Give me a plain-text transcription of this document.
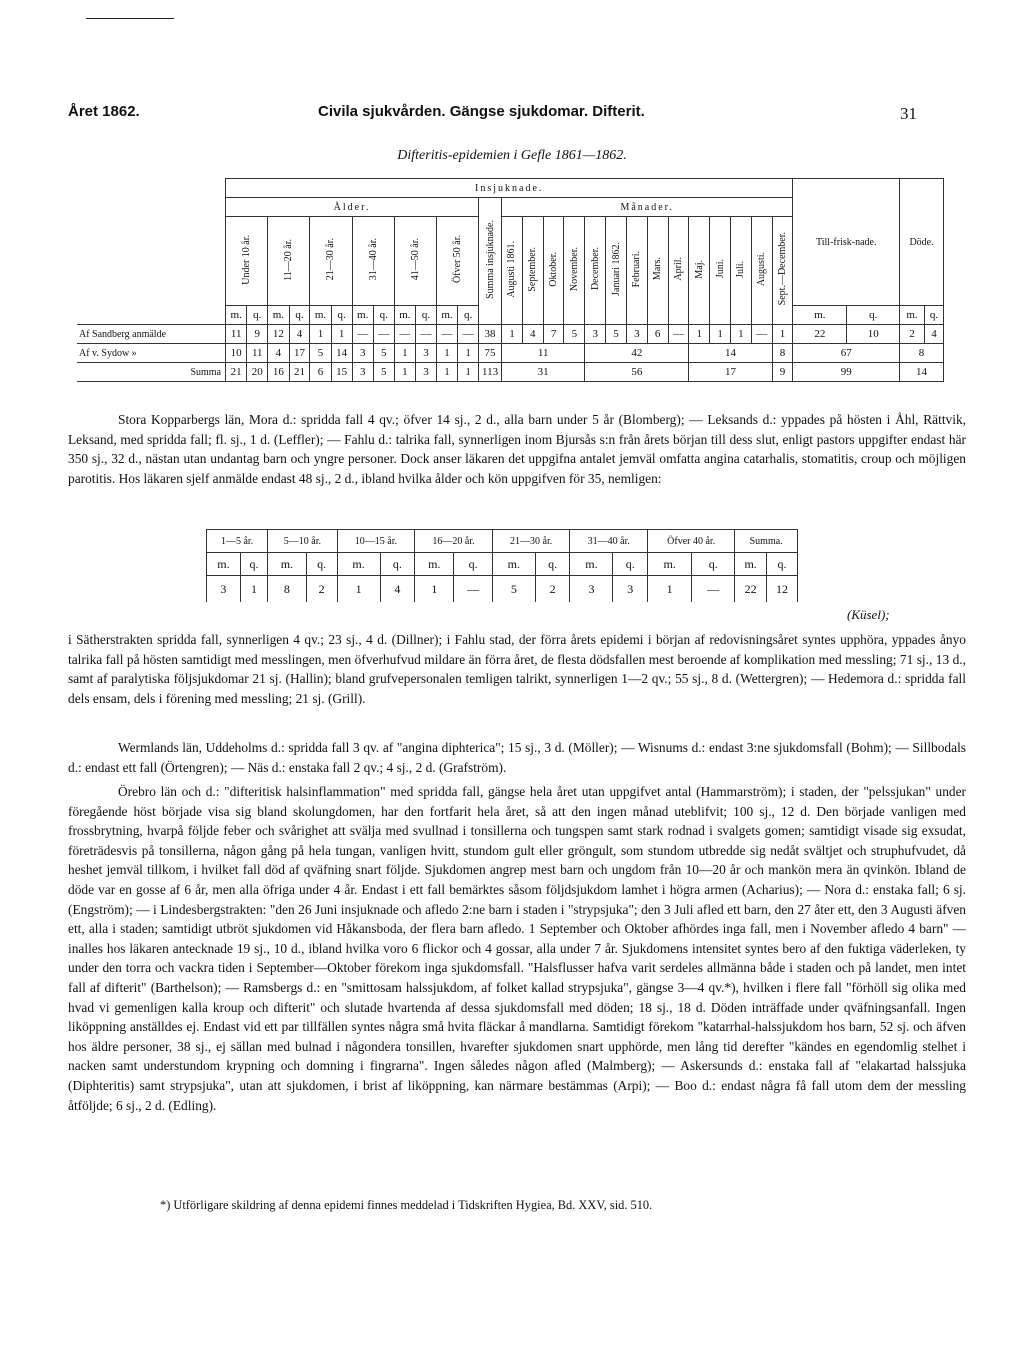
Året 1862.	Civila sjukvården. Gängse sjukdomar. Difterit.	31
Difteritis-epidemien i Gefle 1861—1862.
	Insjuknade.																											Till-frisk-nade.		Döde.	
	Ålder.												Summa insjuknade.	Månader.																	
	Under 10 år.		11—20 år.		21—30 år.		31—40 år.		41—50 år.		Öfver 50 år.			Augusti 1861.	September.	Oktober.	November.	December.	Januari 1862.	Februari.	Mars.	April.	Maj.	Juni.	Juli.	Augusti.	Sept.—December.				
	m.	q.	m.	q.	m.	q.	m.	q.	m.	q.	m.	q.																m.	q.	m.	q.
Af Sandberg anmälde	11	9	12	4	1	1	—	—	—	—	—	—	38	1	4	7	5	3	5	3	6	—	1	1	1	—	1	22	10	2	4
Af v. Sydow »	10	11	4	17	5	14	3	5	1	3	1	1	75	11				42					14				8	67		8	
Summa	21	20	16	21	6	15	3	5	1	3	1	1	113	31				56					17				9	99		14	

Stora Kopparbergs län, Mora d.: spridda fall 4 qv.; öfver 14 sj., 2 d., alla barn under 5 år (Blomberg); — Leksands d.: yppades på hösten i Åhl, Rättvik, Leksand, med spridda fall; fl. sj., 1 d. (Leffler); — Fahlu d.: talrika fall, synnerligen inom Bjursås s:n från årets början till dess slut, enligt pastors uppgifter endast här 350 sj., 32 d., nästan utan undantag barn och yngre personer. Dock anser läkaren det uppgifna antalet jemväl omfatta angina catarhalis, stomatitis, croup och möjligen parotitis. Hos läkaren sjelf anmälde endast 48 sj., 2 d., ibland hvilka ålder och kön uppgifven för 35, nemligen:

1—5 år.		5—10 år.		10—15 år.		16—20 år.		21—30 år.		31—40 år.		Öfver 40 år.		Summa.	
m.	q.	m.	q.	m.	q.	m.	q.	m.	q.	m.	q.	m.	q.	m.	q.
3	1	8	2	1	4	1	—	5	2	3	3	1	—	22	12
(Küsel);

i Sätherstrakten spridda fall, synnerligen 4 qv.; 23 sj., 4 d. (Dillner); i Fahlu stad, der förra årets epidemi i början af redovisningsåret syntes upphöra, yppades ånyo talrika fall på hösten samtidigt med messlingen, men öfverhufvud mildare än förra året, de flesta dödsfallen mest beroende af komplikation med messling; 71 sj., 13 d., samt af paralytiska följsjukdomar 21 sj. (Hallin); bland grufvepersonalen temligen talrikt, synnerligen 1—2 qv.; 55 sj., 8 d. (Wettergren); — Hedemora d.: spridda fall dels ensam, dels i förening med messling; 21 sj. (Grill).

Wermlands län, Uddeholms d.: spridda fall 3 qv. af "angina diphterica"; 15 sj., 3 d. (Möller); — Wisnums d.: endast 3:ne sjukdomsfall (Bohm); — Sillbodals d.: endast ett fall (Örtengren); — Näs d.: enstaka fall 2 qv.; 4 sj., 2 d. (Grafström).

Örebro län och d.: "difteritisk halsinflammation" med spridda fall, gängse hela året utan uppgifvet antal (Hammarström); i staden, der "pelssjukan" under föregående höst började visa sig bland skolungdomen, har den fortfarit hela året, så att den ingen månad uteblifvit; 100 sj., 12 d. Den började vanligen med frossbrytning, hvarpå följde feber och svårighet att svälja med svullnad i tonsillerna och tungspen samt stark rodnad i svalgets gomen; samtidigt visade sig exsudat, företrädesvis på tonsillerna, någon gång på hela tungan, vanligen hvitt, stundom gult eller gröngult, som stundom utbredde sig nedåt svältjet och struphufvudet, då heshet jemväl tillkom, i hvilket fall död af qväfning snart följde. Sjukdomen angrep mest barn och ungdom från 10—20 år och mankön mera än qvinkön. Ibland de döde var en gosse af 6 år, men alla öfriga under 4 år. Endast i ett fall bemärktes såsom följdsjukdom lamhet i högra armen (Acharius); — Nora d.: enstaka fall; 6 sj. (Engström); — i Lindesbergstrakten: "den 26 Juni insjuknade och afledo 2:ne barn i staden i "strypsjuka"; den 3 Juli afled ett barn, den 27 åter ett, den 3 Augusti äfven ett, alla i staden; samtidigt utbröt sjukdomen vid Håkansboda, der flera barn afledo. 1 September och Oktober afhördes inga fall, men i November afledo 4 barn" — inalles hos läkaren antecknade 19 sj., 10 d., ibland hvilka voro 6 flickor och 4 gossar, alla under 7 år. Sjukdomens intensitet syntes bero af den fuktiga väderleken, ty under den torra och vackra tiden i September—Oktober förekom inga sjukdomsfall. "Halsflusser hafva varit serdeles allmänna både i staden och på landet, men intet fall af difterit" (Barthelson); — Ramsbergs d.: en "smittosam halssjukdom, af folket kallad strypsjuka", gängse 3—4 qv.*), hvilken i flere fall "förhöll sig olika med hvad vi gemenligen kalla kroup och difterit" och slutade hvartenda af dessa sjukdomsfall med döden; 18 sj., 18 d. Döden inträffade under qväfningsanfall. Ingen liköppning anställdes ej. Endast vid ett par tillfällen syntes några små hvita fläckar å mandlarna. Samtidigt förekom "katarrhal-halssjukdom hos barn, 52 sj. och äfven hos äldre personer, 38 sj., ej sällan med bulnad i någondera tonsillen, hvarefter sjukdomen snart upphörde, men lång tid derefter "kändes en egendomlig stelhet i nacken samt understundom krypning och domning i fingrarna". Ingen således någon afled (Malmberg); — Askersunds d.: enstaka fall af "elakartad halssjuka (Diphteritis) samt strypsjuka", utan att sjukdomen, i brist af liköppning, kan närmare bestämmas (Arpi); — Boo d.: endast några få fall utom dem der messling åtföljde; 6 sj., 2 d. (Edling).

*) Utförligare skildring af denna epidemi finnes meddelad i Tidskriften Hygiea, Bd. XXV, sid. 510.
